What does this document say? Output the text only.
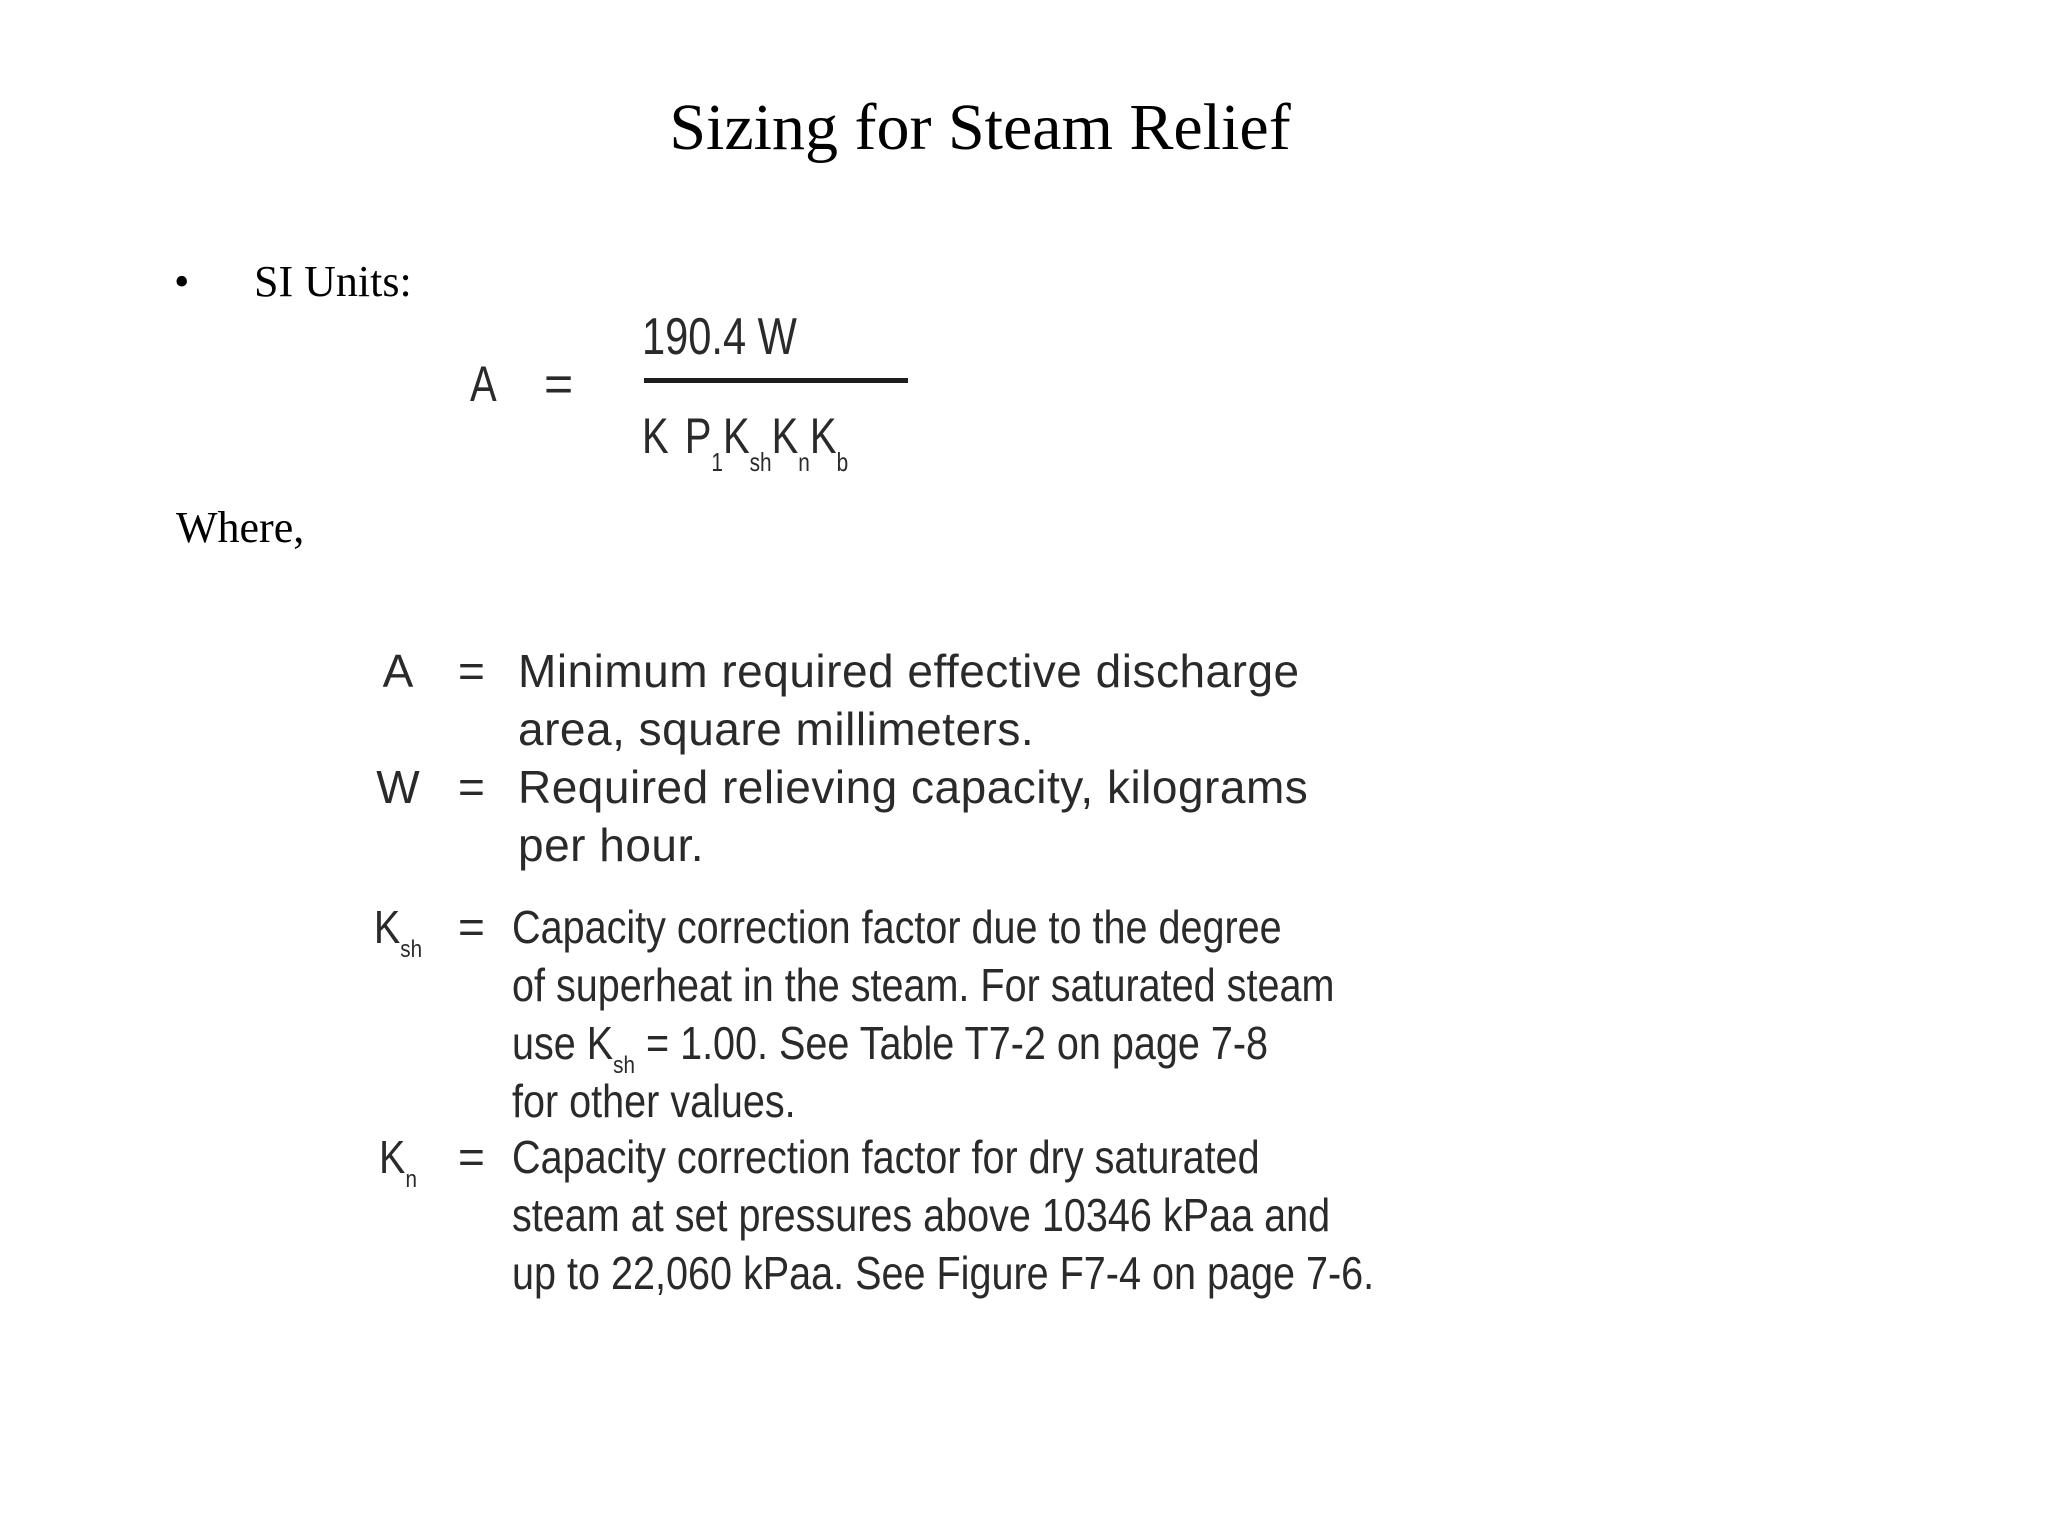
Sizing for Steam Relief
• SI Units:
A =
190.4 W
K $P_1K_{sh}K_nK_b$
Where,
A = Minimum required effective discharge
area, square millimeters.
W = Required relieving capacity, kilograms
per hour.
$K_{sh}$ = Capacity correction factor due to the degree
of superheat in the steam. For saturated steam
use $K_{sh} = 1.00$. See Table T7-2 on page 7-8
for other values.
$K_n$ = Capacity correction factor for dry saturated
steam at set pressures above 10346 kPaa and
up to 22,060 kPaa. See Figure F7-4 on page 7-6.
